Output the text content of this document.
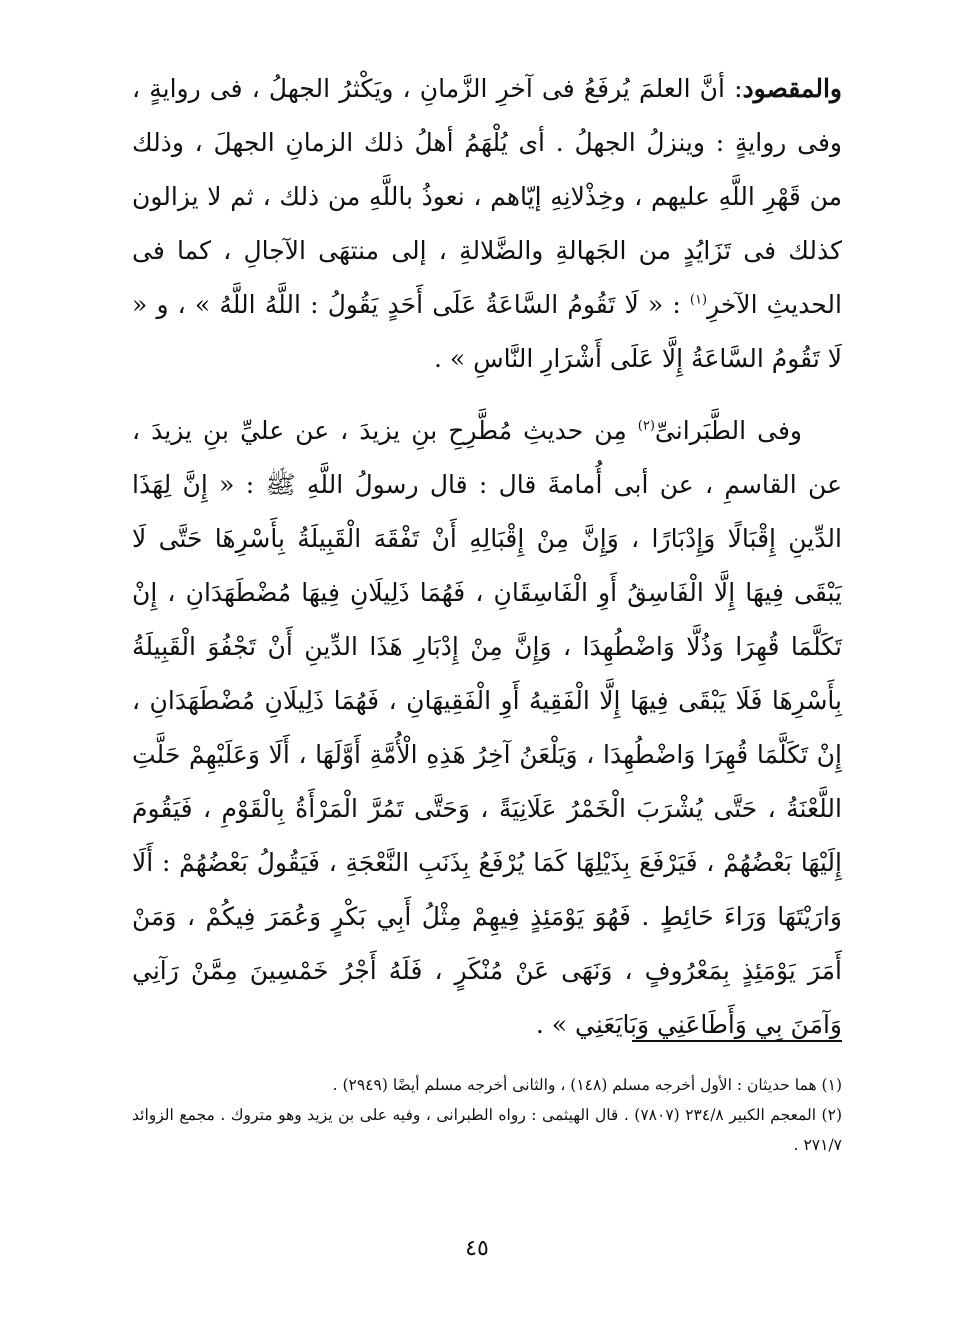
والمقصود: أنَّ العلمَ يُرفَعُ فى آخرِ الزَّمانِ ، ويَكْثرُ الجهلُ ، فى روايةٍ ، وفى روايةٍ : وينزلُ الجهلُ . أى يُلْهَمُ أهلُ ذلك الزمانِ الجهلَ ، وذلك من قَهْرِ اللَّهِ عليهم ، وخِذْلانِهِ إيّاهم ، نعوذُ باللَّهِ من ذلك ، ثم لا يزالون كذلك فى تَزَايُدٍ من الجَهالةِ والضَّلالةِ ، إلى منتهَى الآجالِ ، كما فى الحديثِ الآخرِ$^{(١)}$ : « لَا تَقُومُ السَّاعَةُ عَلَى أَحَدٍ يَقُولُ : اللَّهُ اللَّهُ » ، و « لَا تَقُومُ السَّاعَةُ إِلَّا عَلَى أَشْرَارِ النَّاسِ » .

وفى الطَّبَرانىِّ$^{(٢)}$ مِن حديثِ مُطَّرِحِ بنِ يزيدَ ، عن عليِّ بنِ يزيدَ ، عن القاسمِ ، عن أبى أُمامةَ قال : قال رسولُ اللَّهِ ﷺ : « إِنَّ لِهَذَا الدِّينِ إِقْبَالًا وَإِدْبَارًا ، وَإِنَّ مِنْ إِقْبَالِهِ أَنْ تَفْقَهَ الْقَبِيلَةُ بِأَسْرِهَا حَتَّى لَا يَبْقَى فِيهَا إِلَّا الْفَاسِقُ أَوِ الْفَاسِقَانِ ، فَهُمَا ذَلِيلَانِ فِيهَا مُضْطَهَدَانِ ، إِنْ تَكَلَّمَا قُهِرَا وَذُلَّا وَاضْطُهِدَا ، وَإِنَّ مِنْ إِدْبَارِ هَذَا الدِّينِ أَنْ تَجْفُوَ الْقَبِيلَةُ بِأَسْرِهَا فَلَا يَبْقَى فِيهَا إِلَّا الْفَقِيهُ أَوِ الْفَقِيهَانِ ، فَهُمَا ذَلِيلَانِ مُضْطَهَدَانِ ، إِنْ تَكَلَّمَا قُهِرَا وَاضْطُهِدَا ، وَيَلْعَنُ آخِرُ هَذِهِ الْأُمَّةِ أَوَّلَهَا ، أَلَا وَعَلَيْهِمْ حَلَّتِ اللَّعْنَةُ ، حَتَّى يُشْرَبَ الْخَمْرُ عَلَانِيَةً ، وَحَتَّى تَمُرَّ الْمَرْأَةُ بِالْقَوْمِ ، فَيَقُومَ إِلَيْهَا بَعْضُهُمْ ، فَيَرْفَعَ بِذَيْلِهَا كَمَا يُرْفَعُ بِذَنَبِ النَّعْجَةِ ، فَيَقُولُ بَعْضُهُمْ : أَلَا وَارَيْتَهَا وَرَاءَ حَائِطٍ . فَهُوَ يَوْمَئِذٍ فِيهِمْ مِثْلُ أَبِي بَكْرٍ وَعُمَرَ فِيكُمْ ، وَمَنْ أَمَرَ يَوْمَئِذٍ بِمَعْرُوفٍ ، وَنَهَى عَنْ مُنْكَرٍ ، فَلَهُ أَجْرُ خَمْسِينَ مِمَّنْ رَآنِي وَآمَنَ بِي وَأَطَاعَنِي وَبَايَعَنِي » .

(١) هما حديثان : الأول أخرجه مسلم (١٤٨) ، والثانى أخرجه مسلم أيضًا (٢٩٤٩) .

(٢) المعجم الكبير ٢٣٤/٨ (٧٨٠٧) . قال الهيثمى : رواه الطبرانى ، وفيه على بن يزيد وهو متروك . مجمع الزوائد ٢٧١/٧ .

٤٥
